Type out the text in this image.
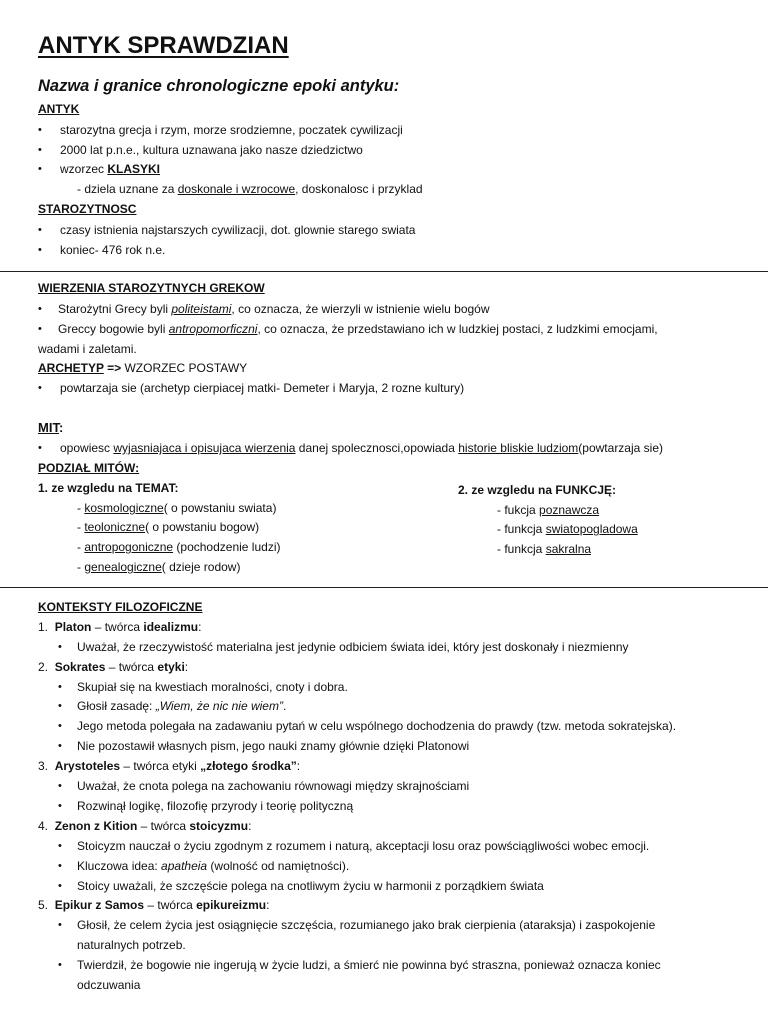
ANTYK SPRAWDZIAN
Nazwa i granice chronologiczne epoki antyku:
ANTYK
• starozytna grecja i rzym, morze srodziemne, poczatek cywilizacji
• 2000 lat p.n.e., kultura uznawana jako nasze dziedzictwo
• wzorzec KLASYKI
- dziela uznane za doskonale i wzrocowe, doskonalosc i przyklad
STAROZYTNOSC
• czasy istnienia najstarszych cywilizacji, dot. glownie starego swiata
• koniec- 476 rok n.e.
WIERZENIA STAROZYTNYCH GREKOW
• Starożytni Grecy byli politeistami, co oznacza, że wierzyli w istnienie wielu bogów
• Greccy bogowie byli antropomorficzni, co oznacza, że przedstawiano ich w ludzkiej postaci, z ludzkimi emocjami,
wadami i zaletami.
ARCHETYP => WZORZEC POSTAWY
• powtarzaja sie (archetyp cierpiacej matki- Demeter i Maryja, 2 rozne kultury)
MIT:
• opowiesc wyjasniajaca i opisujaca wierzenia danej spolecznosci,opowiada historie bliskie ludziom(powtarzaja sie)
PODZIAŁ MITÓW:
1. ze wzgledu na TEMAT:
- kosmologiczne( o powstaniu swiata)
- teoloniczne( o powstaniu bogow)
- antropogoniczne (pochodzenie ludzi)
- genealogiczne( dzieje rodow)
2. ze wzgledu na FUNKCJĘ:
- fukcja poznawcza
- funkcja swiatopogladowa
- funkcja sakralna
KONTEKSTY FILOZOFICZNE
1. Platon – twórca idealizmu:
• Uważał, że rzeczywistość materialna jest jedynie odbiciem świata idei, który jest doskonały i niezmienny
2. Sokrates – twórca etyki:
• Skupiał się na kwestiach moralności, cnoty i dobra.
• Głosił zasadę: „Wiem, że nic nie wiem”.
• Jego metoda polegała na zadawaniu pytań w celu wspólnego dochodzenia do prawdy (tzw. metoda sokratejska).
• Nie pozostawił własnych pism, jego nauki znamy głównie dzięki Platonowi
3. Arystoteles – twórca etyki „złotego środka”:
• Uważał, że cnota polega na zachowaniu równowagi między skrajnościami
• Rozwinął logikę, filozofię przyrody i teorię polityczną
4. Zenon z Kition – twórca stoicyzmu:
• Stoicyzm nauczał o życiu zgodnym z rozumem i naturą, akceptacji losu oraz powściągliwości wobec emocji.
• Kluczowa idea: apatheia (wolność od namiętności).
• Stoicy uważali, że szczęście polega na cnotliwym życiu w harmonii z porządkiem świata
5. Epikur z Samos – twórca epikureizmu:
• Głosił, że celem życia jest osiągnięcie szczęścia, rozumianego jako brak cierpienia (ataraksja) i zaspokojenie
naturalnych potrzeb.
• Twierdził, że bogowie nie ingerują w życie ludzi, a śmierć nie powinna być straszna, ponieważ oznacza koniec
odczuwania
